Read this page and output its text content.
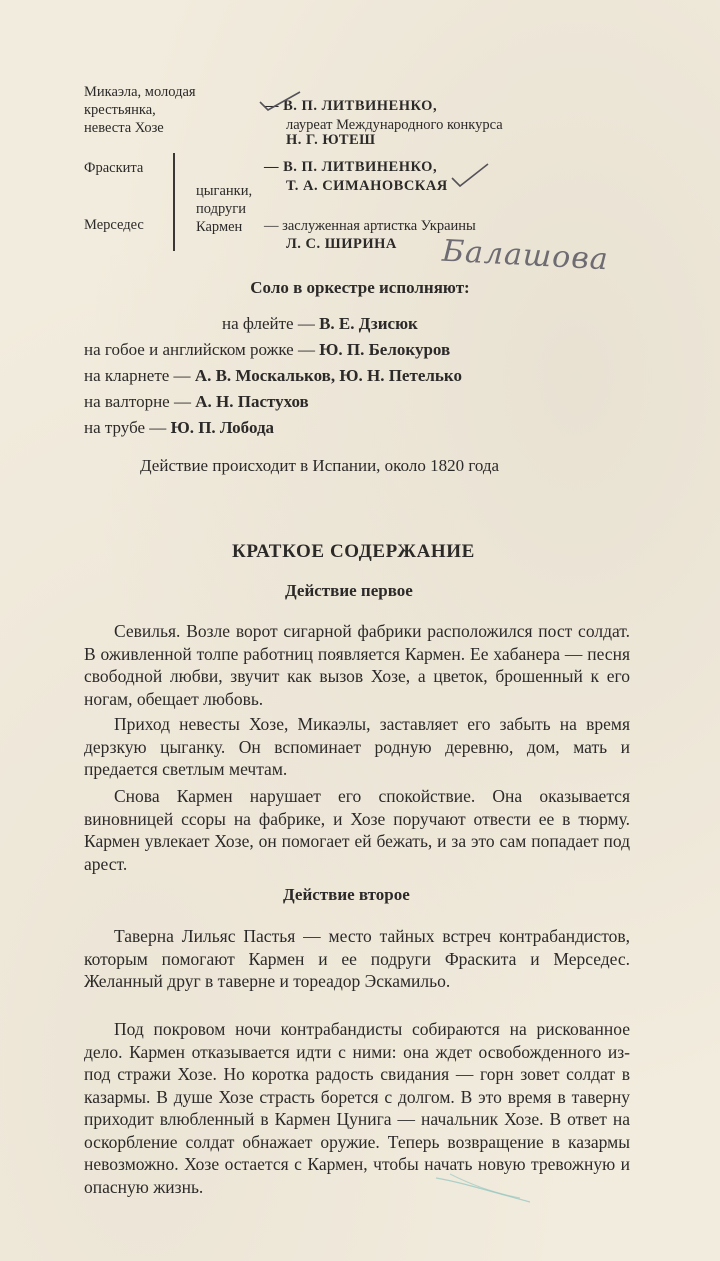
Микаэла, молодая
крестьянка,
невеста Хозе
— В. П. ЛИТВИНЕНКО,
лауреат Международного конкурса
Н. Г. ЮТЕШ
Фраскита	— В. П. ЛИТВИНЕНКО,
Т. А. СИМАНОВСКАЯ
цыганки,
подруги
Кармен
Мерседес	— заслуженная артистка Украины
Л. С. ШИРИНА Балашова
Соло в оркестре исполняют:
на флейте — В. Е. Дзисюк
на гобое и английском рожке — Ю. П. Белокуров
на кларнете — А. В. Москальков, Ю. Н. Петелько
на валторне — А. Н. Пастухов
на трубе — Ю. П. Лобода
Действие происходит в Испании, около 1820 года
КРАТКОЕ СОДЕРЖАНИЕ
Действие первое

Севилья. Возле ворот сигарной фабрики расположился пост солдат. В оживленной толпе работниц появляется Кармен. Ее хабанера — песня свободной любви, звучит как вызов Хозе, а цветок, брошенный к его ногам, обещает любовь.

Приход невесты Хозе, Микаэлы, заставляет его забыть на время дерзкую цыганку. Он вспоминает родную деревню, дом, мать и предается светлым мечтам.

Снова Кармен нарушает его спокойствие. Она оказывается виновницей ссоры на фабрике, и Хозе поручают отвести ее в тюрму. Кармен увлекает Хозе, он помогает ей бежать, и за это сам попадает под арест.

Действие второе

Таверна Лильяс Пастья — место тайных встреч контрабандистов, которым помогают Кармен и ее подруги Фраскита и Мерседес. Желанный друг в таверне и тореадор Эскамильо.

Под покровом ночи контрабандисты собираются на рискованное дело. Кармен отказывается идти с ними: она ждет освобожденного из-под стражи Хозе. Но коротка радость свидания — горн зовет солдат в казармы. В душе Хозе страсть борется с долгом. В это время в таверну приходит влюбленный в Кармен Цунига — начальник Хозе. В ответ на оскорбление солдат обнажает оружие. Теперь возвращение в казармы невозможно. Хозе остается с Кармен, чтобы начать новую тревожную и опасную жизнь.
